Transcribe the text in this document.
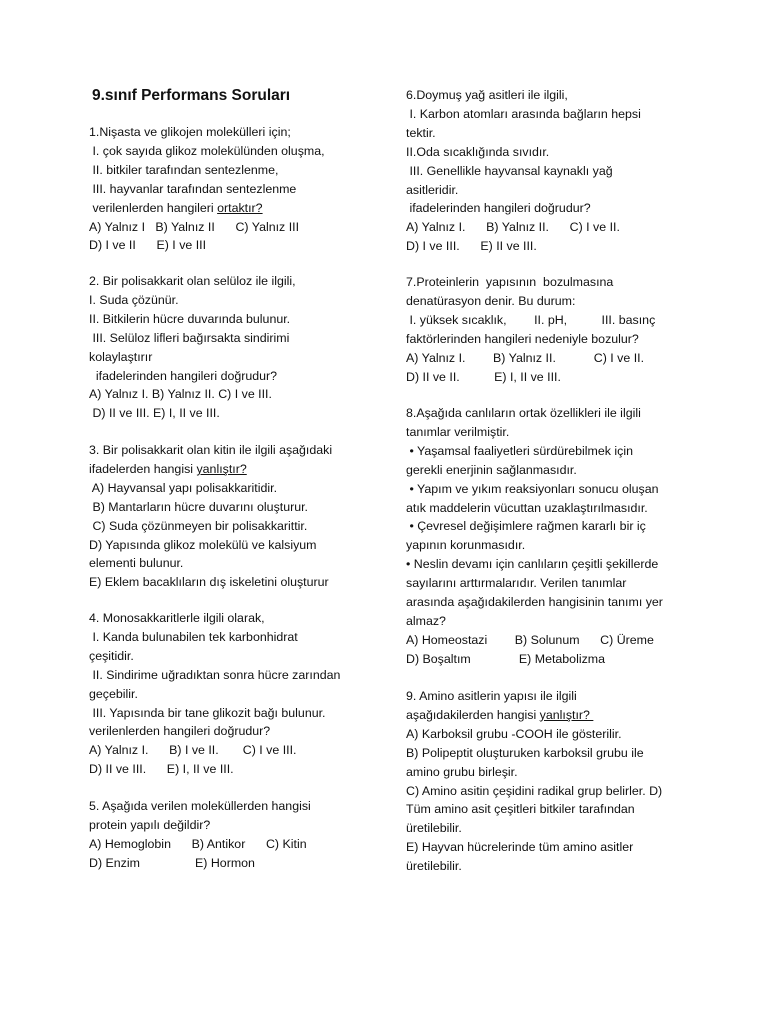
9.sınıf Performans Soruları
1.Nişasta ve glikojen molekülleri için;
I. çok sayıda glikoz molekülünden oluşma,
II. bitkiler tarafından sentezlenme,
III. hayvanlar tarafından sentezlenme
verilenlerden hangileri ortaktır?
A) Yalnız I   B) Yalnız II      C) Yalnız III
D) I ve II      E) I ve III
2. Bir polisakkarit olan selüloz ile ilgili,
I. Suda çözünür.
II. Bitkilerin hücre duvarında bulunur.
III. Selüloz lifleri bağırsakta sindirimi
kolaylaştırır
ifadelerinden hangileri doğrudur?
A) Yalnız I. B) Yalnız II. C) I ve III.
D) II ve III. E) I, II ve III.
3. Bir polisakkarit olan kitin ile ilgili aşağıdaki
ifadelerden hangisi yanlıştır?
A) Hayvansal yapı polisakkaritidir.
B) Mantarların hücre duvarını oluşturur.
C) Suda çözünmeyen bir polisakkarittir.
D) Yapısında glikoz molekülü ve kalsiyum
elementi bulunur.
E) Eklem bacaklıların dış iskeletini oluşturur
4. Monosakkaritlerle ilgili olarak,
I. Kanda bulunabilen tek karbonhidrat
çeşitidir.
II. Sindirime uğradıktan sonra hücre zarından
geçebilir.
III. Yapısında bir tane glikozit bağı bulunur.
verilenlerden hangileri doğrudur?
A) Yalnız I.      B) I ve II.       C) I ve III.
D) II ve III.      E) I, II ve III.
5. Aşağıda verilen moleküllerden hangisi
protein yapılı değildir?
A) Hemoglobin      B) Antikor      C) Kitin
D) Enzim                E) Hormon
6.Doymuş yağ asitleri ile ilgili,
I. Karbon atomları arasında bağların hepsi
tektir.
II.Oda sıcaklığında sıvıdır.
III. Genellikle hayvansal kaynaklı yağ
asitleridir.
ifadelerinden hangileri doğrudur?
A) Yalnız I.      B) Yalnız II.      C) I ve II.
D) I ve III.      E) II ve III.
7.Proteinlerin  yapısının  bozulmasına
denatürasyon denir. Bu durum:
I. yüksek sıcaklık,        II. pH,          III. basınç
faktörlerinden hangileri nedeniyle bozulur?
A) Yalnız I.        B) Yalnız II.           C) I ve II.
D) II ve II.          E) I, II ve III.
8.Aşağıda canlıların ortak özellikleri ile ilgili
tanımlar verilmiştir.
• Yaşamsal faaliyetleri sürdürebilmek için
gerekli enerjinin sağlanmasıdır.
• Yapım ve yıkım reaksiyonları sonucu oluşan
atık maddelerin vücuttan uzaklaştırılmasıdır.
• Çevresel değişimlere rağmen kararlı bir iç
yapının korunmasıdır.
• Neslin devamı için canlıların çeşitli şekillerde
sayılarını arttırmalarıdır. Verilen tanımlar
arasında aşağıdakilerden hangisinin tanımı yer
almaz?
A) Homeostazi        B) Solunum      C) Üreme
D) Boşaltım              E) Metabolizma
9. Amino asitlerin yapısı ile ilgili
aşağıdakilerden hangisi yanlıştır?
A) Karboksil grubu -COOH ile gösterilir.
B) Polipeptit oluşturuken karboksil grubu ile
amino grubu birleşir.
C) Amino asitin çeşidini radikal grup belirler. D)
Tüm amino asit çeşitleri bitkiler tarafından
üretilebilir.
E) Hayvan hücrelerinde tüm amino asitler
üretilebilir.
